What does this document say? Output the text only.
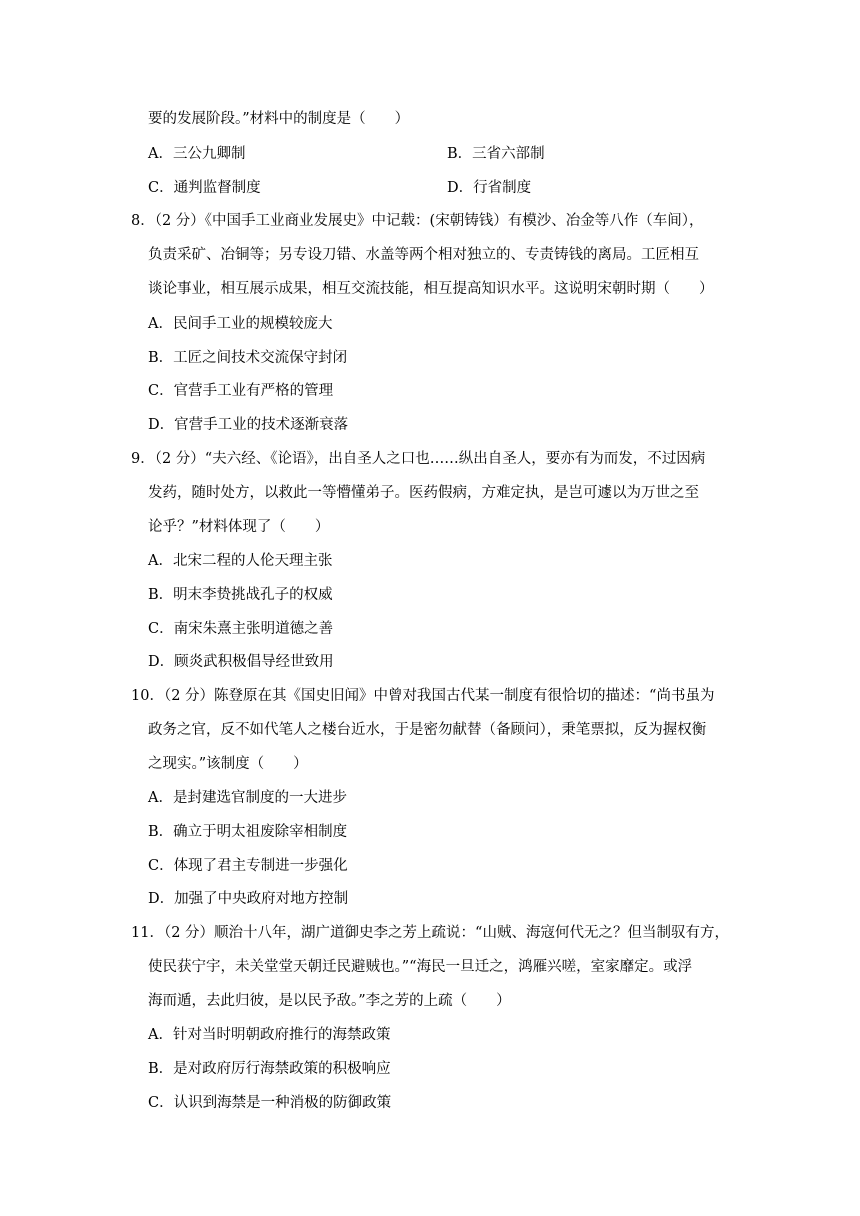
要的发展阶段。”材料中的制度是（　　）
A．三公九卿制	B．三省六部制
C．通判监督制度	D．行省制度
8．（2 分）《中国手工业商业发展史》中记载：(宋朝铸钱）有模沙、冶金等八作（车间），
负责采矿、冶铜等；另专设刀错、水盖等两个相对独立的、专责铸钱的离局。工匠相互
谈论事业，相互展示成果，相互交流技能，相互提高知识水平。这说明宋朝时期（　　）
A．民间手工业的规模较庞大
B．工匠之间技术交流保守封闭
C．官营手工业有严格的管理
D．官营手工业的技术逐渐衰落
9．（2 分）“夫六经、《论语》，出自圣人之口也……纵出自圣人，要亦有为而发，不过因病
发药，随时处方，以救此一等懵懂弟子。医药假病，方难定执，是岂可遽以为万世之至
论乎？”材料体现了（　　）
A．北宋二程的人伦天理主张
B．明末李贽挑战孔子的权威
C．南宋朱熹主张明道德之善
D．顾炎武积极倡导经世致用
10．（2 分）陈登原在其《国史旧闻》中曾对我国古代某一制度有很恰切的描述：“尚书虽为
政务之官，反不如代笔人之楼台近水，于是密勿献替（备顾问），秉笔票拟，反为握权衡
之现实。”该制度（　　）
A．是封建选官制度的一大进步
B．确立于明太祖废除宰相制度
C．体现了君主专制进一步强化
D．加强了中央政府对地方控制
11．（2 分）顺治十八年，湖广道御史李之芳上疏说：“山贼、海寇何代无之？但当制驭有方，
使民获宁宇，未关堂堂天朝迁民避贼也。”“海民一旦迁之，鸿雁兴嗟，室家靡定。或浮
海而遁，去此归彼，是以民予敌。”李之芳的上疏（　　）
A．针对当时明朝政府推行的海禁政策
B．是对政府厉行海禁政策的积极响应
C．认识到海禁是一种消极的防御政策
